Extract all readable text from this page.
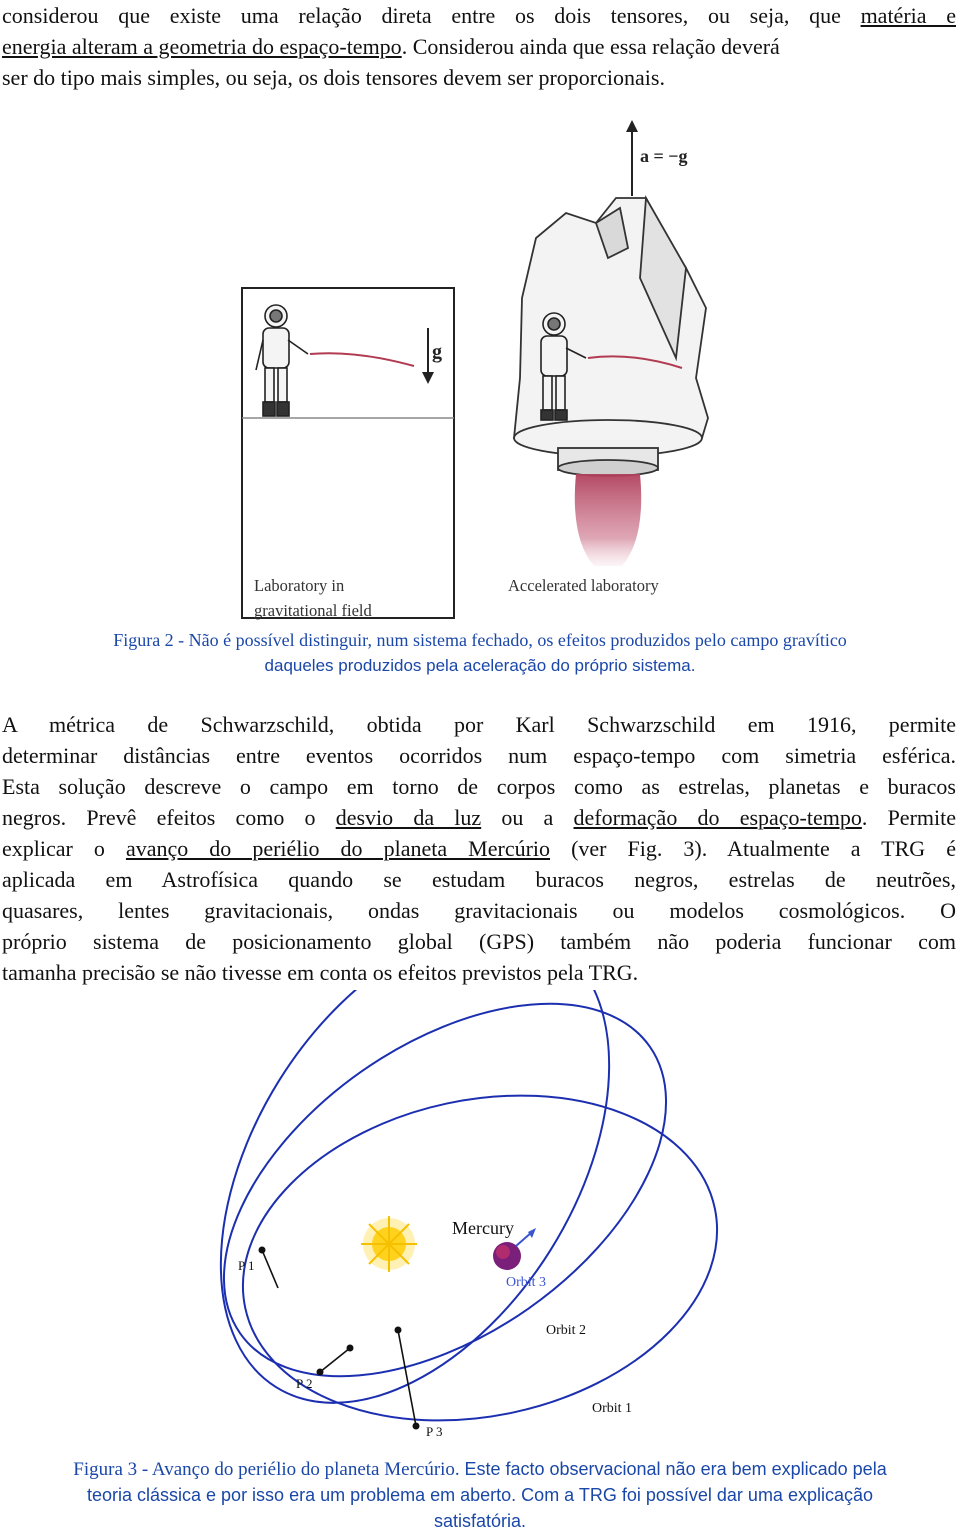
considerou que existe uma relação direta entre os dois tensores, ou seja, que matéria e
energia alteram a geometria do espaço-tempo. Considerou ainda que essa relação deverá
ser do tipo mais simples, ou seja, os dois tensores devem ser proporcionais.
g
a = −g
Laboratory in
gravitational field
Accelerated laboratory
Figura 2 - Não é possível distinguir, num sistema fechado, os efeitos produzidos pelo campo gravítico
daqueles produzidos pela aceleração do próprio sistema.
A métrica de Schwarzschild, obtida por Karl Schwarzschild em 1916, permite
determinar distâncias entre eventos ocorridos num espaço-tempo com simetria esférica.
Esta solução descreve o campo em torno de corpos como as estrelas, planetas e buracos
negros. Prevê efeitos como o desvio da luz ou a deformação do espaço-tempo. Permite
explicar o avanço do periélio do planeta Mercúrio (ver Fig. 3). Atualmente a TRG é
aplicada em Astrofísica quando se estudam buracos negros, estrelas de neutrões,
quasares, lentes gravitacionais, ondas gravitacionais ou modelos cosmológicos. O
próprio sistema de posicionamento global (GPS) também não poderia funcionar com
tamanha precisão se não tivesse em conta os efeitos previstos pela TRG.
Mercury
P 1
P 2
P 3
Orbit 3
Orbit 2
Orbit 1
Figura 3 - Avanço do periélio do planeta Mercúrio. Este facto observacional não era bem explicado pela
teoria clássica e por isso era um problema em aberto. Com a TRG foi possível dar uma explicação
satisfatória.
